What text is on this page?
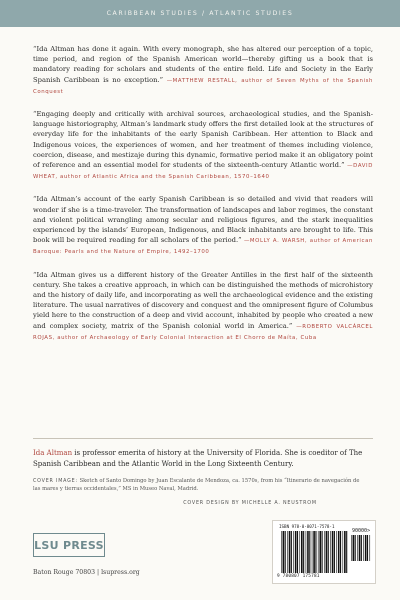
CARIBBEAN STUDIES / ATLANTIC STUDIES

“Ida Altman has done it again. With every monograph, she has altered our perception of a topic, time period, and region of the Spanish American world—thereby gifting us a book that is mandatory reading for scholars and students of the entire field. Life and Society in the Early Spanish Caribbean is no exception.” —MATTHEW RESTALL, author of Seven Myths of the Spanish Conquest

“Engaging deeply and critically with archival sources, archaeological studies, and the Spanish-language historiography, Altman’s landmark study offers the first detailed look at the structures of everyday life for the inhabitants of the early Spanish Caribbean. Her attention to Black and Indigenous voices, the experiences of women, and her treatment of themes including violence, coercion, disease, and mestizaje during this dynamic, formative period make it an obligatory point of reference and an essential model for students of the sixteenth-century Atlantic world.” —DAVID WHEAT, author of Atlantic Africa and the Spanish Caribbean, 1570–1640

“Ida Altman’s account of the early Spanish Caribbean is so detailed and vivid that readers will wonder if she is a time-traveler. The transformation of landscapes and labor regimes, the constant and violent political wrangling among secular and religious figures, and the stark inequalities experienced by the islands’ European, Indigenous, and Black inhabitants are brought to life. This book will be required reading for all scholars of the period.” —MOLLY A. WARSH, author of American Baroque: Pearls and the Nature of Empire, 1492–1700

“Ida Altman gives us a different history of the Greater Antilles in the first half of the sixteenth century. She takes a creative approach, in which can be distinguished the methods of microhistory and the history of daily life, and incorporating as well the archaeological evidence and the existing literature. The usual narratives of discovery and conquest and the omnipresent figure of Columbus yield here to the construction of a deep and vivid account, inhabited by people who created a new and complex society, matrix of the Spanish colonial world in America.” —ROBERTO VALCÁRCEL ROJAS, author of Archaeology of Early Colonial Interaction at El Chorro de Maíta, Cuba

Ida Altman is professor emerita of history at the University of Florida. She is coeditor of The Spanish Caribbean and the Atlantic World in the Long Sixteenth Century.
COVER IMAGE: Sketch of Santo Domingo by Juan Escalante de Mendoza, ca. 1570s, from his “Itinerario de navegación de las mares y tierras occidentales,” MS in Museo Naval, Madrid.
COVER DESIGN BY MICHELLE A. NEUSTROM
LSU PRESS
Baton Rouge 70803 | lsupress.org
ISBN 978-0-8071-7578-1
90000>
9 780807 175781
